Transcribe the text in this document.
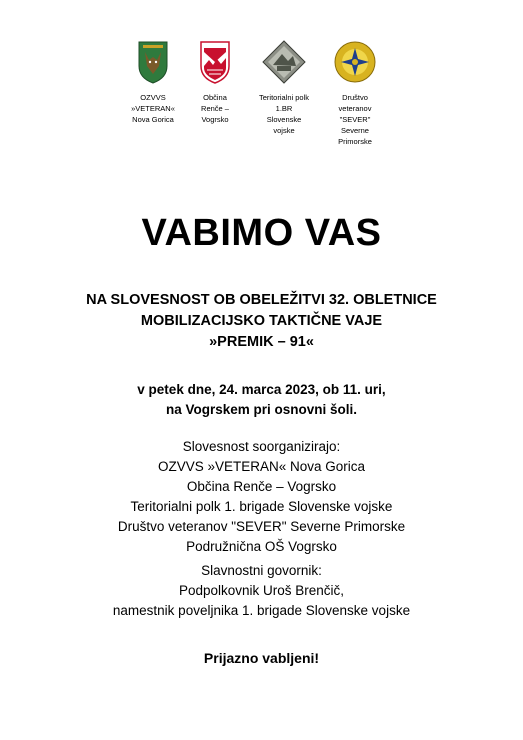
OZVVS
»VETERAN«
Nova Gorica
Občina
Renče –
Vogrsko
Teritorialni polk
1.BR
Slovenske
vojske
Društvo
veteranov
"SEVER"
Severne
Primorske
VABIMO VAS
NA SLOVESNOST OB OBELEŽITVI 32. OBLETNICE
MOBILIZACIJSKO TAKTIČNE VAJE
»PREMIK – 91«
v petek dne, 24. marca 2023, ob 11. uri,
na Vogrskem pri osnovni šoli.
Slovesnost soorganizirajo:
OZVVS »VETERAN« Nova Gorica
Občina Renče – Vogrsko
Teritorialni polk 1. brigade Slovenske vojske
Društvo veteranov "SEVER" Severne Primorske
Podružnična OŠ Vogrsko
Slavnostni govornik:
Podpolkovnik Uroš Brenčič,
namestnik poveljnika 1. brigade Slovenske vojske
Prijazno vabljeni!
